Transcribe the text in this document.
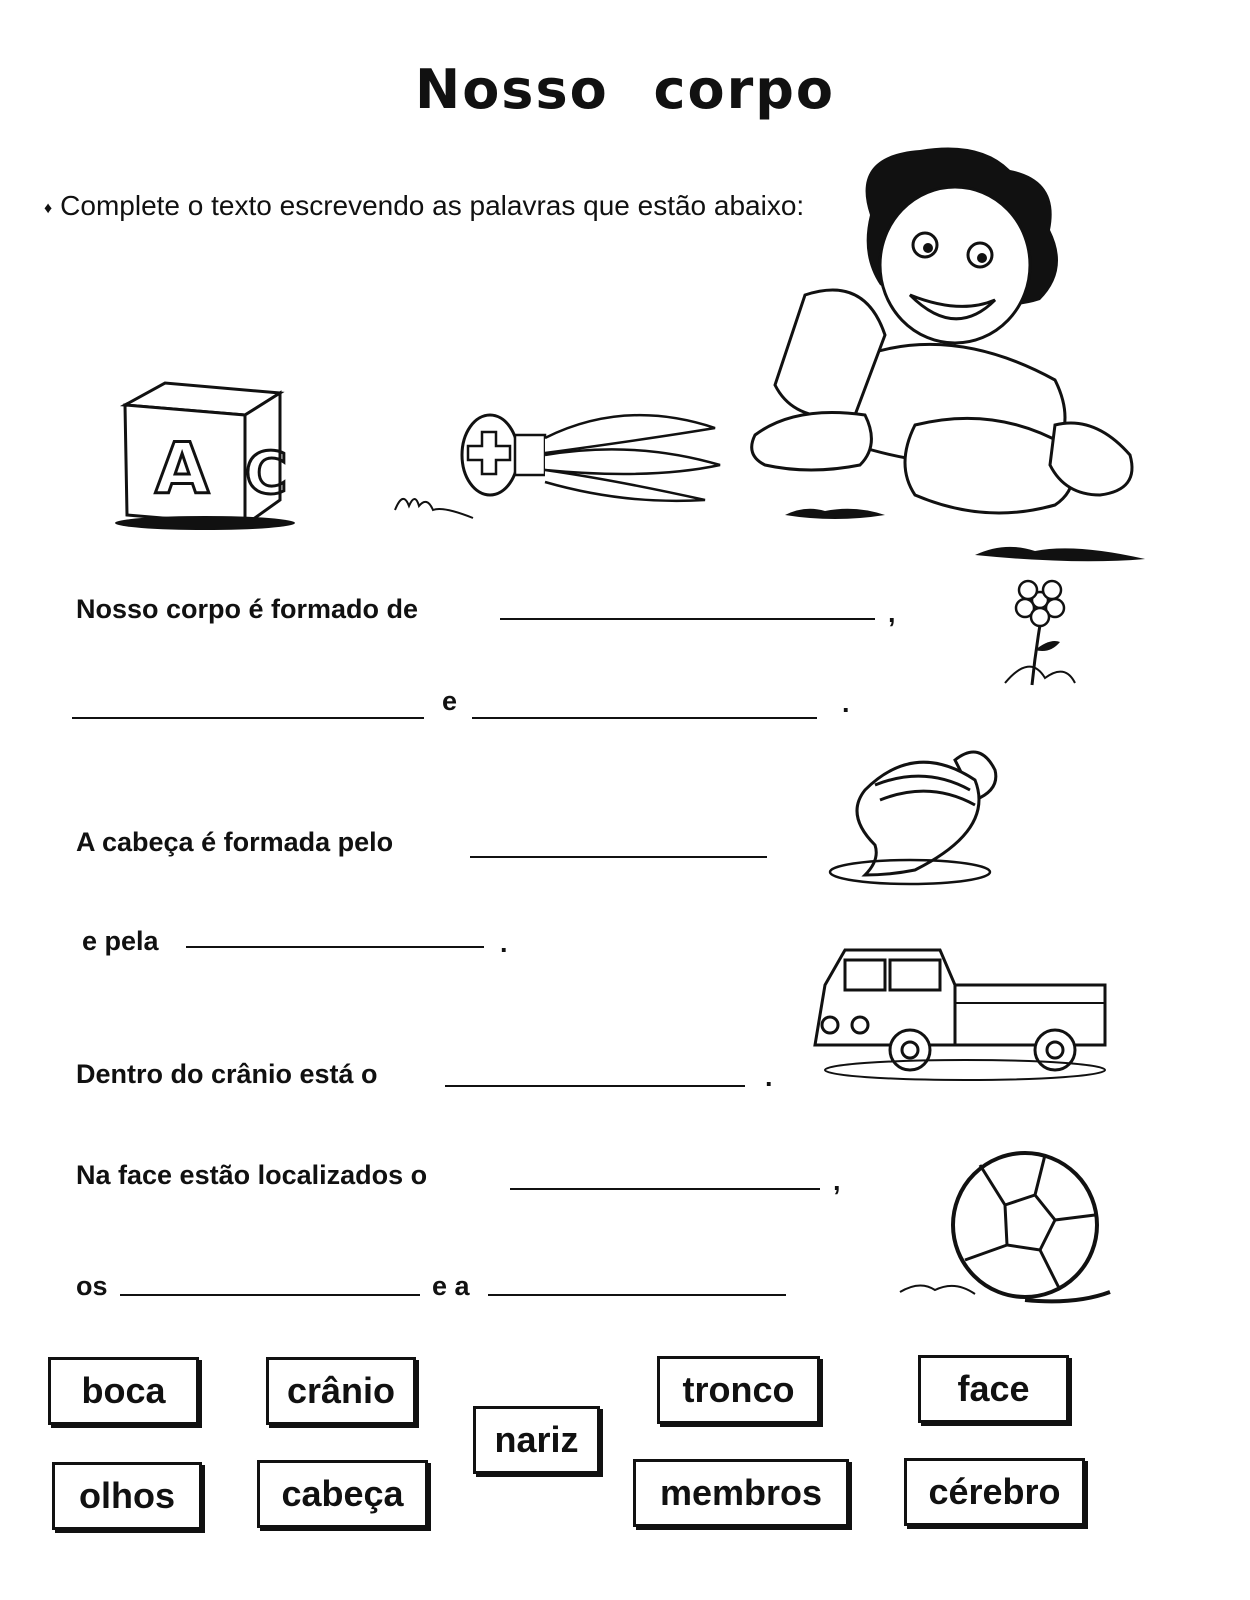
Nosso corpo
♦ Complete o texto escrevendo as palavras que estão abaixo:
A C
Nosso corpo é formado de	,
e	.
A cabeça é formada pelo
e pela	.
Dentro do crânio está o	.
Na face estão localizados o	,
os	e a
boca	crânio	tronco	face
nariz
olhos	cabeça	membros	cérebro
